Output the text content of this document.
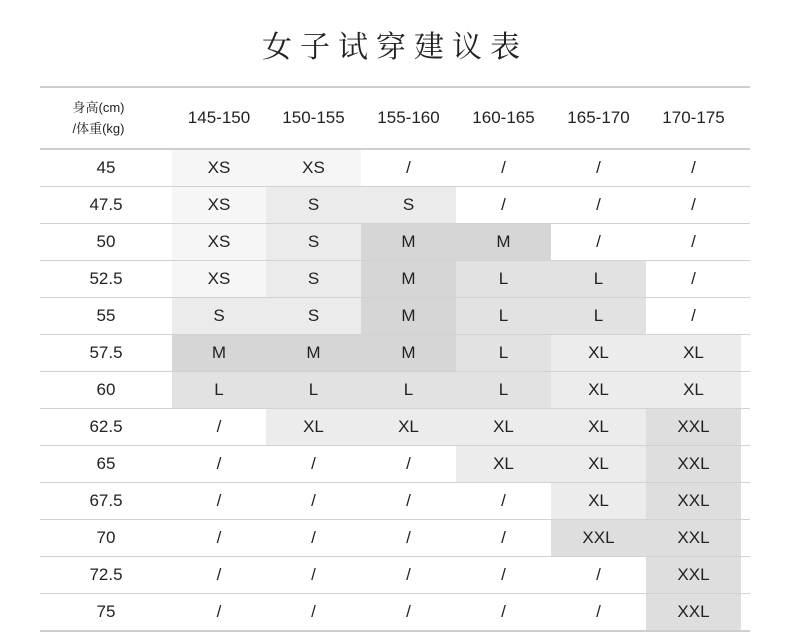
女子试穿建议表
身高(cm)
/体重(kg)
145-150	150-155	155-160	160-165	165-170	170-175
45	XS	XS	/	/	/	/
47.5	XS	S	S	/	/	/
50	XS	S	M	M	/	/
52.5	XS	S	M	L	L	/
55	S	S	M	L	L	/
57.5	M	M	M	L	XL	XL
60	L	L	L	L	XL	XL
62.5	/	XL	XL	XL	XL	XXL
65	/	/	/	XL	XL	XXL
67.5	/	/	/	/	XL	XXL
70	/	/	/	/	XXL	XXL
72.5	/	/	/	/	/	XXL
75	/	/	/	/	/	XXL
